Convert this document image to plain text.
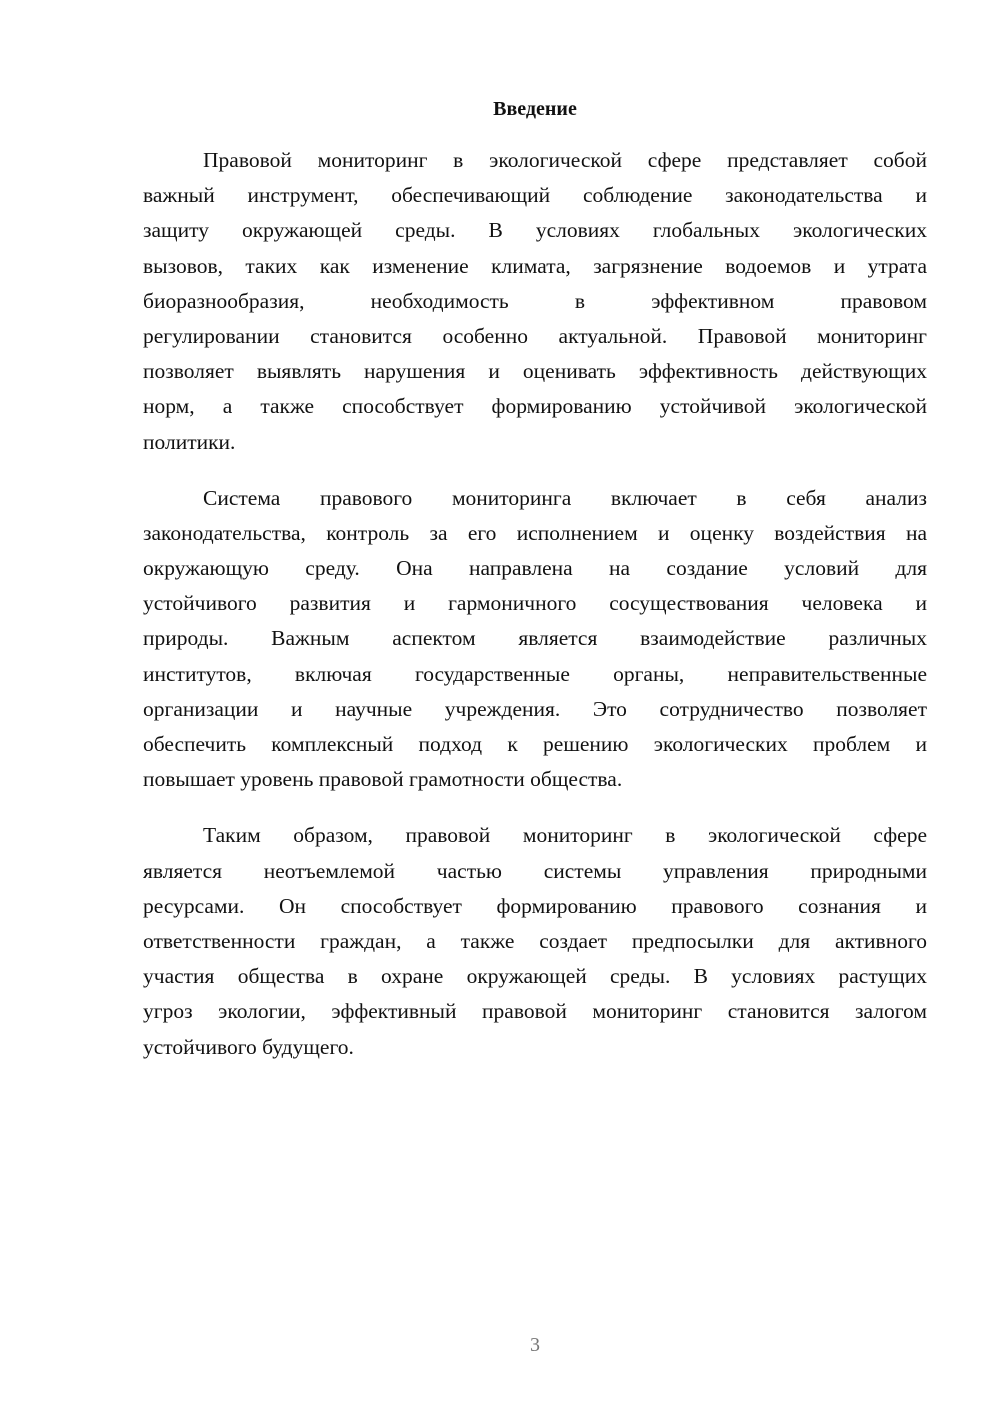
Введение
Правовой мониторинг в экологической сфере представляет собой
важный инструмент, обеспечивающий соблюдение законодательства и
защиту окружающей среды. В условиях глобальных экологических
вызовов, таких как изменение климата, загрязнение водоемов и утрата
биоразнообразия, необходимость в эффективном правовом
регулировании становится особенно актуальной. Правовой мониторинг
позволяет выявлять нарушения и оценивать эффективность действующих
норм, а также способствует формированию устойчивой экологической
политики.
Система правового мониторинга включает в себя анализ
законодательства, контроль за его исполнением и оценку воздействия на
окружающую среду. Она направлена на создание условий для
устойчивого развития и гармоничного сосуществования человека и
природы. Важным аспектом является взаимодействие различных
институтов, включая государственные органы, неправительственные
организации и научные учреждения. Это сотрудничество позволяет
обеспечить комплексный подход к решению экологических проблем и
повышает уровень правовой грамотности общества.
Таким образом, правовой мониторинг в экологической сфере
является неотъемлемой частью системы управления природными
ресурсами. Он способствует формированию правового сознания и
ответственности граждан, а также создает предпосылки для активного
участия общества в охране окружающей среды. В условиях растущих
угроз экологии, эффективный правовой мониторинг становится залогом
устойчивого будущего.
3
